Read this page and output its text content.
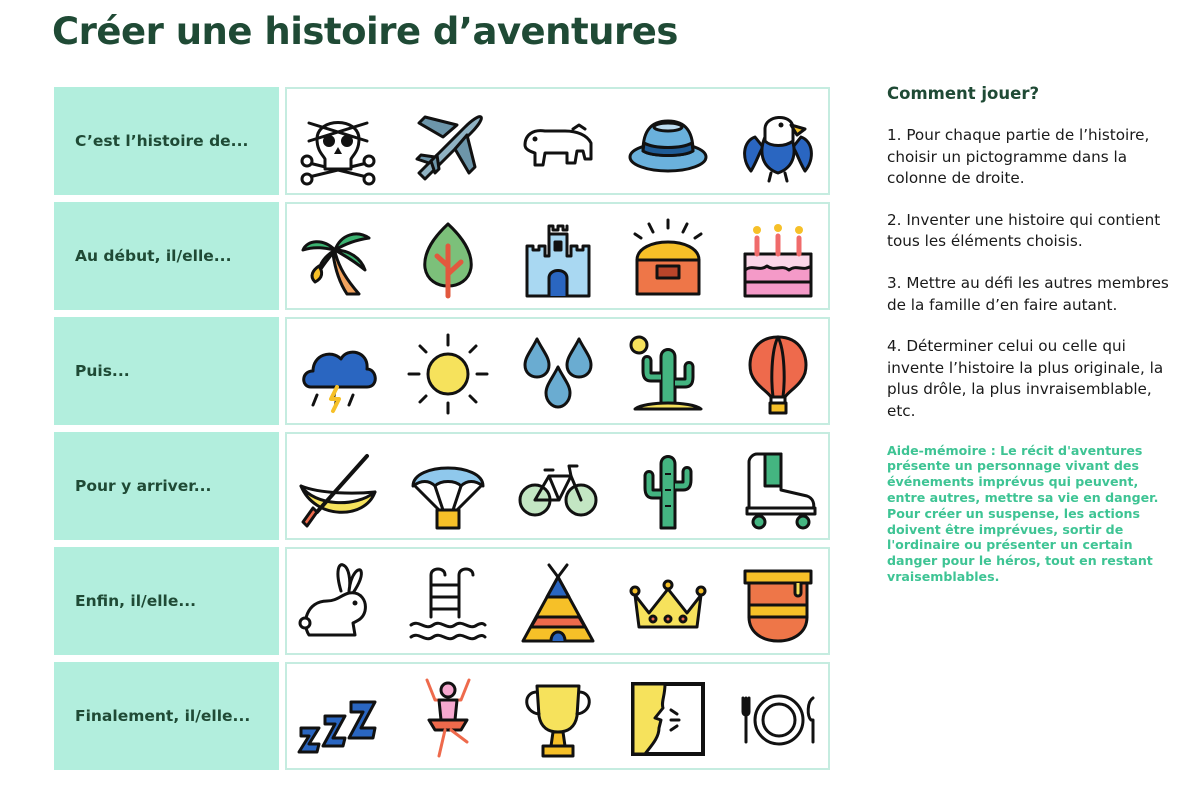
Créer une histoire d’aventures
C’est l’histoire de...
Au début, il/elle...
Puis...
Pour y arriver...
Enfin, il/elle...
Finalement, il/elle...
Comment jouer?

1. Pour chaque partie de l’histoire, choisir un pictogramme dans la colonne de droite.

2. Inventer une histoire qui contient tous les éléments choisis.

3. Mettre au défi les autres membres de la famille d’en faire autant.

4. Déterminer celui ou celle qui invente l’histoire la plus originale, la plus drôle, la plus invraisemblable, etc.

Aide-mémoire : Le récit d'aventures présente un personnage vivant des événements imprévus qui peuvent, entre autres, mettre sa vie en danger. Pour créer un suspense, les actions doivent être imprévues, sortir de l'ordinaire ou présenter un certain danger pour le héros, tout en restant vraisemblables.
